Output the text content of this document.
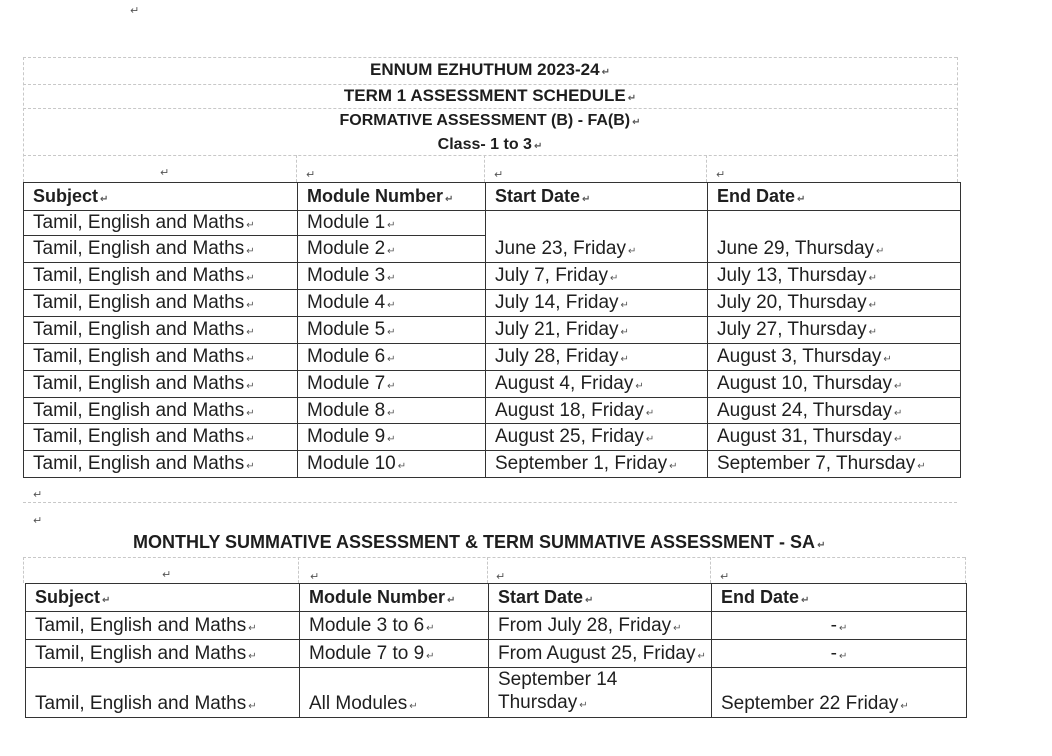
↵
↵	↵	↵	↵
ENNUM EZHUTHUM 2023-24 ↵
TERM 1 ASSESSMENT SCHEDULE ↵
FORMATIVE ASSESSMENT (B) - FA(B) ↵
Class- 1 to 3 ↵
Subject ↵	Module Number ↵	Start Date ↵	End Date ↵
Tamil, English and Maths ↵	Module 1 ↵		
Tamil, English and Maths ↵	Module 2 ↵	June 23, Friday ↵	June 29, Thursday ↵
Tamil, English and Maths ↵	Module 3 ↵	July 7, Friday ↵	July 13, Thursday ↵
Tamil, English and Maths ↵	Module 4 ↵	July 14, Friday ↵	July 20, Thursday ↵
Tamil, English and Maths ↵	Module 5 ↵	July 21, Friday ↵	July 27, Thursday ↵
Tamil, English and Maths ↵	Module 6 ↵	July 28, Friday ↵	August 3, Thursday ↵
Tamil, English and Maths ↵	Module 7 ↵	August 4, Friday ↵	August 10, Thursday ↵
Tamil, English and Maths ↵	Module 8 ↵	August 18, Friday ↵	August 24, Thursday ↵
Tamil, English and Maths ↵	Module 9 ↵	August 25, Friday ↵	August 31, Thursday ↵
Tamil, English and Maths ↵	Module 10 ↵	September 1, Friday ↵	September 7, Thursday ↵
↵
↵
MONTHLY SUMMATIVE ASSESSMENT & TERM SUMMATIVE ASSESSMENT - SA ↵
↵	↵	↵	↵
Subject ↵	Module Number ↵	Start Date ↵	End Date ↵
Tamil, English and Maths ↵	Module 3 to 6 ↵	From July 28, Friday ↵	- ↵
Tamil, English and Maths ↵	Module 7 to 9 ↵	From August 25, Friday ↵	- ↵
Tamil, English and Maths ↵	All Modules ↵	September 14
Thursday ↵	September 22 Friday ↵
